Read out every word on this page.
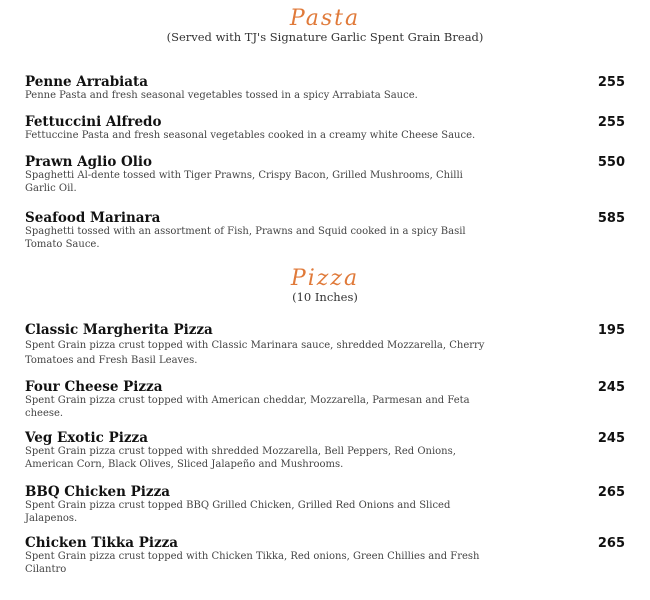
Pasta
(Served with TJ's Signature Garlic Spent Grain Bread)
Penne Arrabiata
Penne Pasta and fresh seasonal vegetables tossed in a spicy Arrabiata Sauce.
255
Fettuccini Alfredo
Fettuccine Pasta and fresh seasonal vegetables cooked in a creamy white Cheese Sauce.
255
Prawn Aglio Olio
Spaghetti Al-dente tossed with Tiger Prawns, Crispy Bacon, Grilled Mushrooms, Chilli Garlic Oil.
550
Seafood Marinara
Spaghetti tossed with an assortment of Fish, Prawns and Squid cooked in a spicy Basil Tomato Sauce.
585
Pizza
(10 Inches)
Classic Margherita Pizza
Spent Grain pizza crust topped with Classic Marinara sauce, shredded Mozzarella, Cherry Tomatoes and Fresh Basil Leaves.
195
Four Cheese Pizza
Spent Grain pizza crust topped with American cheddar, Mozzarella, Parmesan and Feta cheese.
245
Veg Exotic Pizza
Spent Grain pizza crust topped with shredded Mozzarella, Bell Peppers, Red Onions, American Corn, Black Olives, Sliced Jalapeño and Mushrooms.
245
BBQ Chicken Pizza
Spent Grain pizza crust topped BBQ Grilled Chicken, Grilled Red Onions and Sliced Jalapenos.
265
Chicken Tikka Pizza
Spent Grain pizza crust topped with Chicken Tikka, Red onions, Green Chillies and Fresh Cilantro
265
